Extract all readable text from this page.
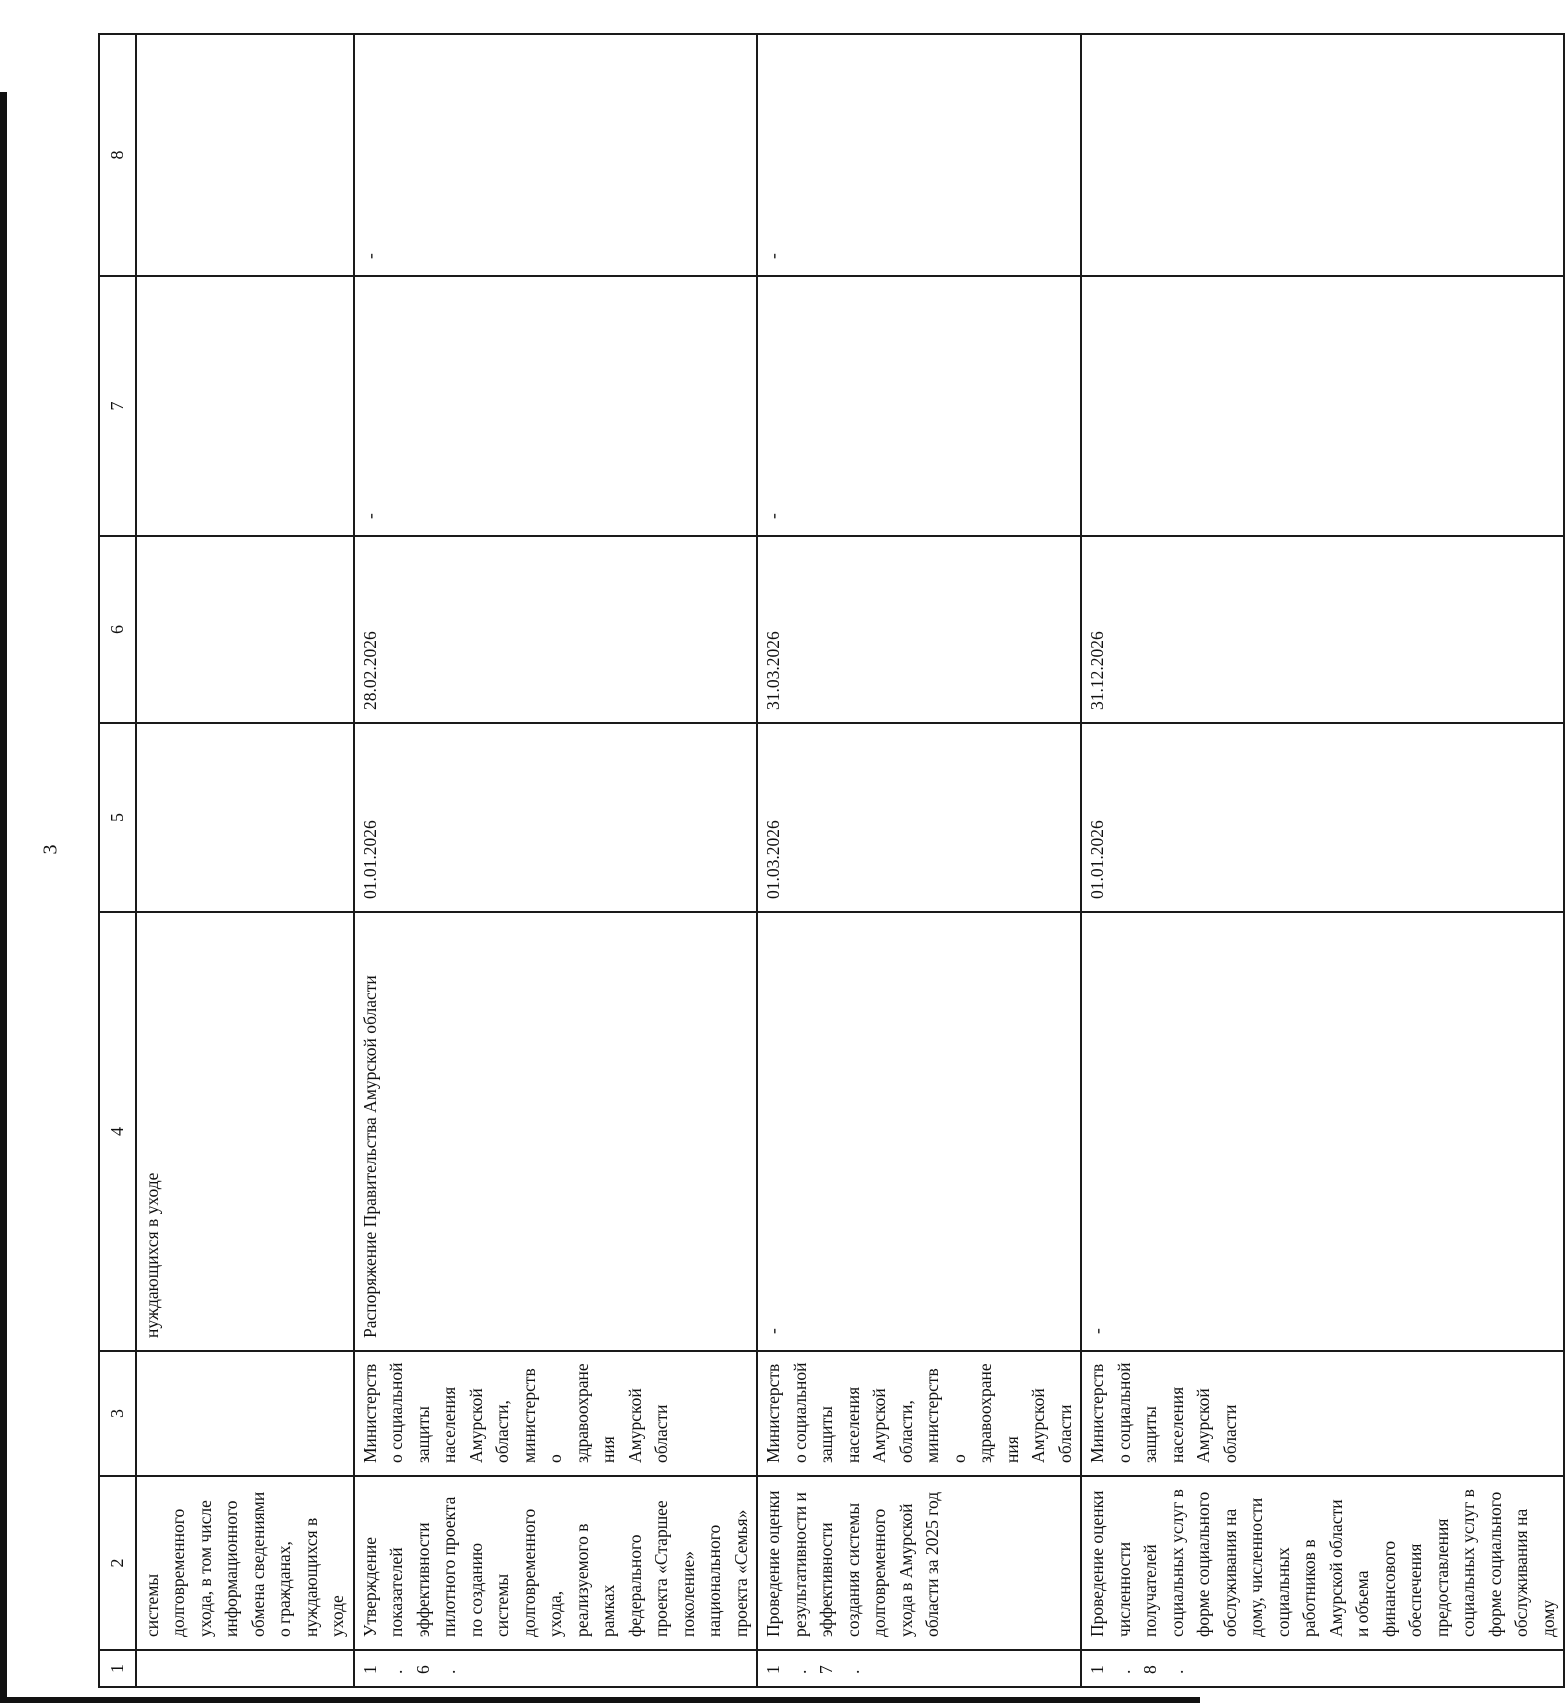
3
1	2	3	4	5	6	7	8
	системы долговременного ухода, в том числе информационного обмена сведениями о гражданах, нуждающихся в уходе		нуждающихся в уходе				
1.6.	Утверждение показателей эффективности пилотного проекта по созданию системы долговременного ухода, реализуемого в рамках федерального проекта «Старшее поколение» национального проекта «Семья»	Министерство социальной защиты населения Амурской области, министерство здравоохранения Амурской области	Распоряжение Правительства Амурской области	01.01.2026	28.02.2026	-	-
1.7.	Проведение оценки результативности и эффективности создания системы долговременного ухода в Амурской области за 2025 год	Министерство социальной защиты населения Амурской области, министерство здравоохранения Амурской области	-	01.03.2026	31.03.2026	-	-
1.8.	Проведение оценки численности получателей социальных услуг в форме социального обслуживания на дому, численности социальных работников в Амурской области и объема финансового обеспечения предоставления социальных услуг в форме социального обслуживания на дому	Министерство социальной защиты населения Амурской области	-	01.01.2026	31.12.2026		
